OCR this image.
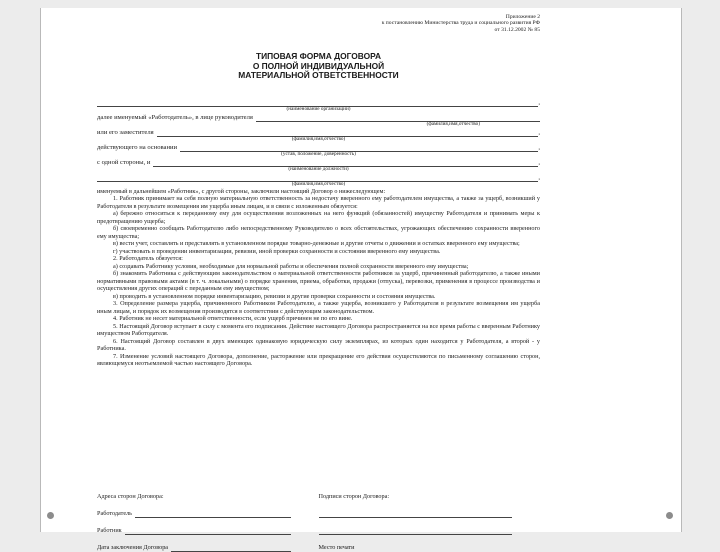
Приложение 2
к постановлению Министерства труда и социального развития РФ
от 31.12.2002 № 85
ТИПОВАЯ ФОРМА ДОГОВОРА
О ПОЛНОЙ ИНДИВИДУАЛЬНОЙ
МАТЕРИАЛЬНОЙ ОТВЕТСТВЕННОСТИ
,
(наименование организации)
далее именуемый «Работодатель», в лице руководителя
(фамилия,имя,отчество)
или его заместителя	,
(фамилия,имя,отчество)
действующего на основании	,
(устав, положение, доверенность)
с одной стороны, и	,
(наименование должности)
,
(фамилия,имя,отчество)

именуемый в дальнейшем «Работник», с другой стороны, заключили настоящий Договор о нижеследующем:

1. Работник принимает на себя полную материальную ответственность за недостачу вверенного ему работодателем имущества, а также за ущерб, возникший у Работодателя в результате возмещения им ущерба иным лицам, и в связи с изложенным обязуется:

а) бережно относиться к переданному ему для осуществления возложенных на него функций (обязанностей) имуществу Работодателя и принимать меры к предотвращению ущерба;

б) своевременно сообщать Работодателю либо непосредственному Руководителю о всех обстоятельствах, угрожающих обеспечению сохранности вверенного ему имущества;

в) вести учет, составлять и представлять в установленном порядке товарно-денежные и другие отчеты о движении и остатках вверенного ему имущества;

г) участвовать в проведении инвентаризации, ревизии, иной проверки сохранности и состояния вверенного ему имущества.

2. Работодатель обязуется:

а) создавать Работнику условия, необходимые для нормальной работы и обеспечения полной сохранности вверенного ему имущества;

б) знакомить Работника с действующим законодательством о материальной ответственности работников за ущерб, причиненный работодателю, а также иными нормативными правовыми актами (в т. ч. локальными) о порядке хранения, приема, обработки, продажи (отпуска), перевозки, применения в процессе производства и осуществления других операций с переданным ему имуществом;

в) проводить в установленном порядке инвентаризацию, ревизии и другие проверки сохранности и состояния имущества.

3. Определение размера ущерба, причиненного Работником Работодателю, а также ущерба, возникшего у Работодателя в результате возмещения им ущерба иным лицам, и порядок их возмещения производятся в соответствии с действующим законодательством.

4. Работник не несет материальной ответственности, если ущерб причинен не по его вине.

5. Настоящий Договор вступает в силу с момента его подписания. Действие настоящего Договора распространяется на все время работы с вверенным Работнику имуществом Работодателя.

6. Настоящий Договор составлен в двух имеющих одинаковую юридическую силу экземплярах, из которых один находится у Работодателя, а второй - у Работника.

7. Изменение условий настоящего Договора, дополнение, расторжение или прекращение его действия осуществляются по письменному соглашению сторон, являющемуся неотъемлемой частью настоящего Договора.

Адреса сторон Договора:	Подписи сторон Договора:
Работодатель
Работник
Дата заключения Договора	Место печати
